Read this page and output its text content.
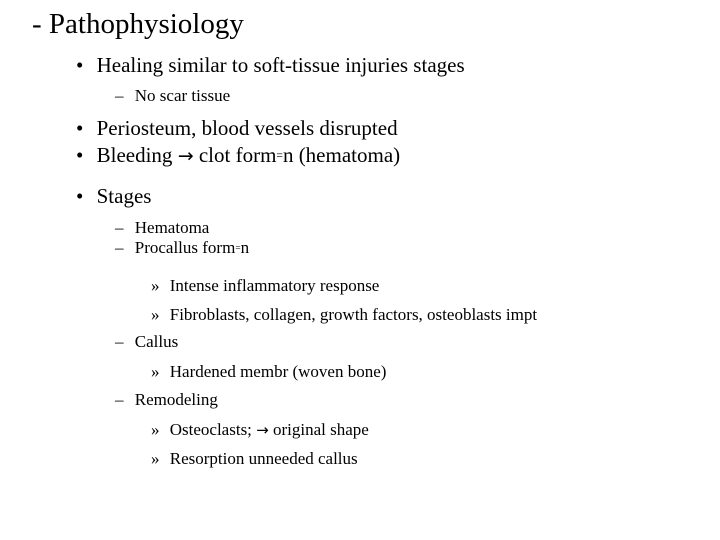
- Pathophysiology
• Healing similar to soft-tissue injuries stages
– No scar tissue
• Periosteum, blood vessels disrupted
• Bleeding → clot form=n (hematoma)
• Stages
– Hematoma
– Procallus form=n
» Intense inflammatory response
» Fibroblasts, collagen, growth factors, osteoblasts impt
– Callus
» Hardened membr (woven bone)
– Remodeling
» Osteoclasts; → original shape
» Resorption unneeded callus
